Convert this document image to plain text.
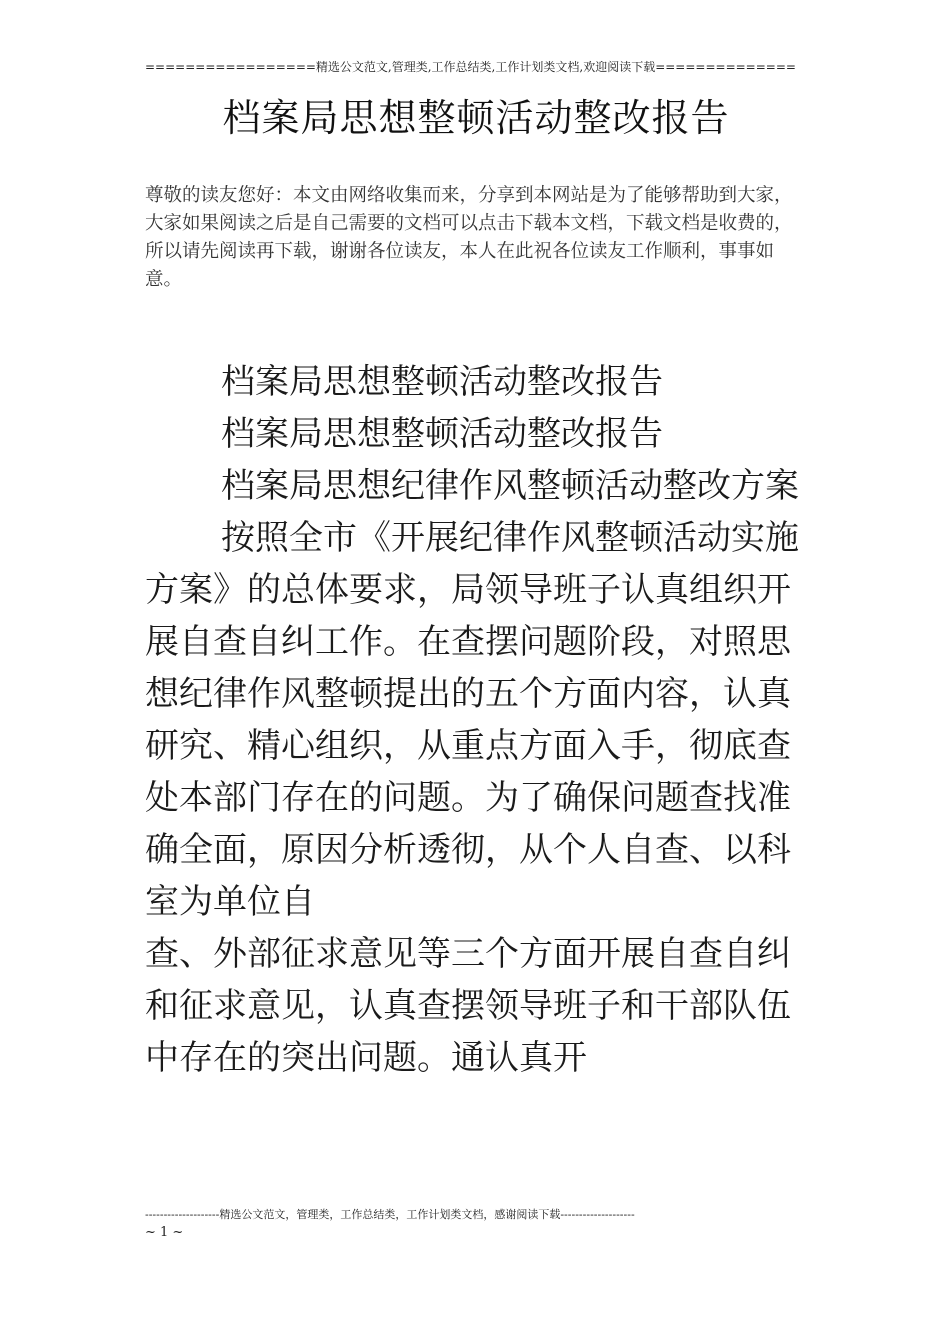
=================精选公文范文,管理类,工作总结类,工作计划类文档,欢迎阅读下载==============
档案局思想整顿活动整改报告
尊敬的读友您好：本文由网络收集而来，分享到本网站是为了能够帮助到大家，大家如果阅读之后是自己需要的文档可以点击下载本文档，下载文档是收费的，所以请先阅读再下载，谢谢各位读友，本人在此祝各位读友工作顺利，事事如意。

档案局思想整顿活动整改报告

档案局思想整顿活动整改报告

档案局思想纪律作风整顿活动整改方案

按照全市《开展纪律作风整顿活动实施方案》的总体要求，局领导班子认真组织开展自查自纠工作。在查摆问题阶段，对照思想纪律作风整顿提出的五个方面内容，认真研究、精心组织，从重点方面入手，彻底查处本部门存在的问题。为了确保问题查找准确全面，原因分析透彻，从个人自查、以科室为单位自

查、外部征求意见等三个方面开展自查自纠和征求意见，认真查摆领导班子和干部队伍中存在的突出问题。通认真开

--------------------精选公文范文，管理类，工作总结类，工作计划类文档，感谢阅读下载--------------------
~ 1 ~
